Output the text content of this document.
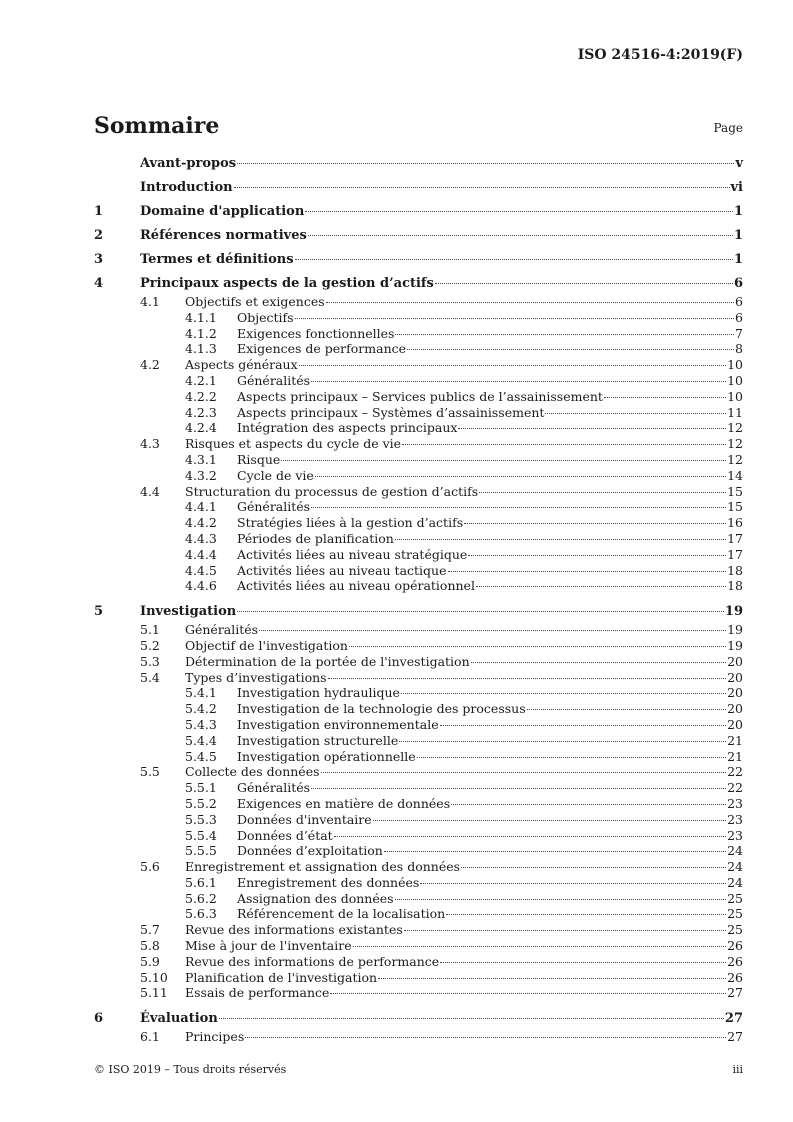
ISO 24516-4:2019(F)
Sommaire	Page
Avant-propos	v
Introduction	vi
1	Domaine d'application	1
2	Références normatives	1
3	Termes et définitions	1
4	Principaux aspects de la gestion d’actifs	6
4.1 Objectifs et exigences	6
4.1.1 Objectifs	6
4.1.2 Exigences fonctionnelles	7
4.1.3 Exigences de performance	8
4.2 Aspects généraux	10
4.2.1 Généralités	10
4.2.2 Aspects principaux – Services publics de l’assainissement	10
4.2.3 Aspects principaux – Systèmes d’assainissement	11
4.2.4 Intégration des aspects principaux	12
4.3 Risques et aspects du cycle de vie	12
4.3.1 Risque	12
4.3.2 Cycle de vie	14
4.4 Structuration du processus de gestion d’actifs	15
4.4.1 Généralités	15
4.4.2 Stratégies liées à la gestion d’actifs	16
4.4.3 Périodes de planification	17
4.4.4 Activités liées au niveau stratégique	17
4.4.5 Activités liées au niveau tactique	18
4.4.6 Activités liées au niveau opérationnel	18
5	Investigation	19
5.1 Généralités	19
5.2 Objectif de l'investigation	19
5.3 Détermination de la portée de l'investigation	20
5.4 Types d’investigations	20
5.4.1 Investigation hydraulique	20
5.4.2 Investigation de la technologie des processus	20
5.4.3 Investigation environnementale	20
5.4.4 Investigation structurelle	21
5.4.5 Investigation opérationnelle	21
5.5 Collecte des données	22
5.5.1 Généralités	22
5.5.2 Exigences en matière de données	23
5.5.3 Données d'inventaire	23
5.5.4 Données d’état	23
5.5.5 Données d’exploitation	24
5.6 Enregistrement et assignation des données	24
5.6.1 Enregistrement des données	24
5.6.2 Assignation des données	25
5.6.3 Référencement de la localisation	25
5.7 Revue des informations existantes	25
5.8 Mise à jour de l'inventaire	26
5.9 Revue des informations de performance	26
5.10 Planification de l'investigation	26
5.11 Essais de performance	27
6	Évaluation	27
6.1 Principes	27
© ISO 2019 – Tous droits réservés	iii
